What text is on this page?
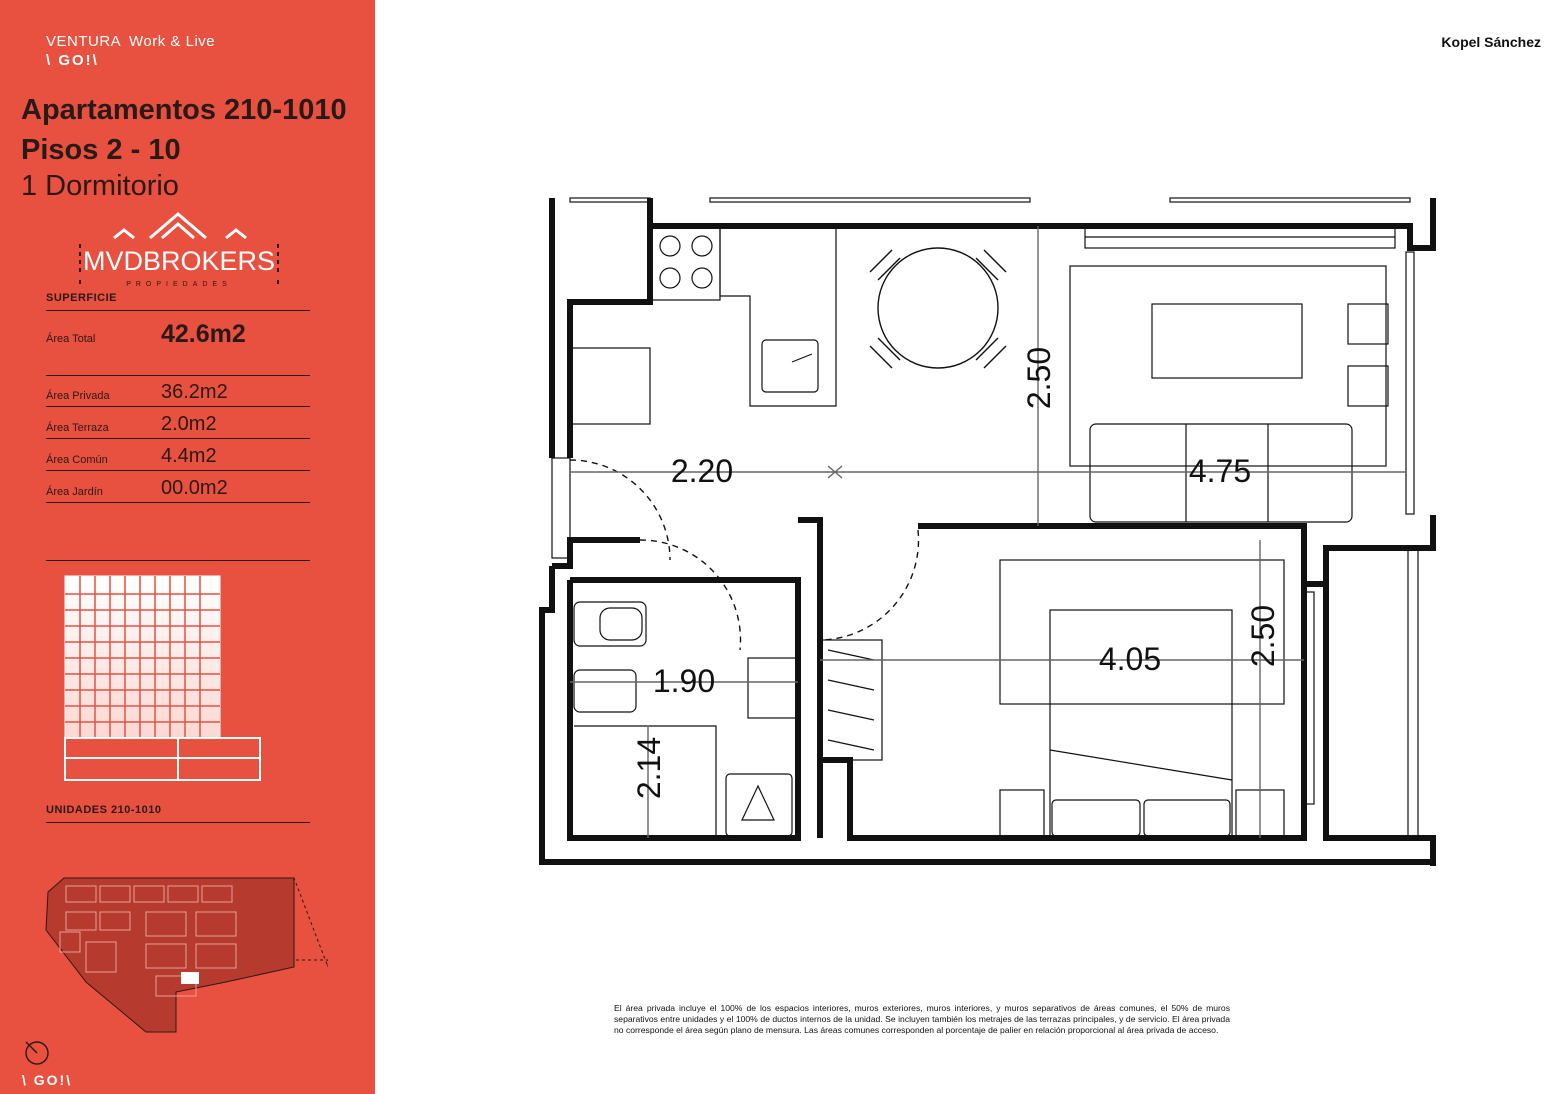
VENTURA Work & Live
\ GO!\
Apartamentos 210-1010
Pisos 2 - 10
1 Dormitorio
MVDBROKERS
PROPIEDADES
SUPERFICIE
Área Total	42.6m2
Área Privada	36.2m2
Área Terraza	2.0m2
Área Común	4.4m2
Área Jardín	00.0m2
UNIDADES 210-1010
\ GO!\
Kopel Sánchez
2.20	4.75
2.50
1.90
2.14
4.05	2.50
El área privada incluye el 100% de los espacios interiores, muros exteriores, muros interiores, y muros separativos de áreas comunes, el 50% de muros separativos entre unidades y el 100% de ductos internos de la unidad. Se incluyen también los metrajes de las terrazas principales, y de servicio. El área privada no corresponde el área según plano de mensura. Las áreas comunes corresponden al porcentaje de palier en relación proporcional al área privada de acceso.
